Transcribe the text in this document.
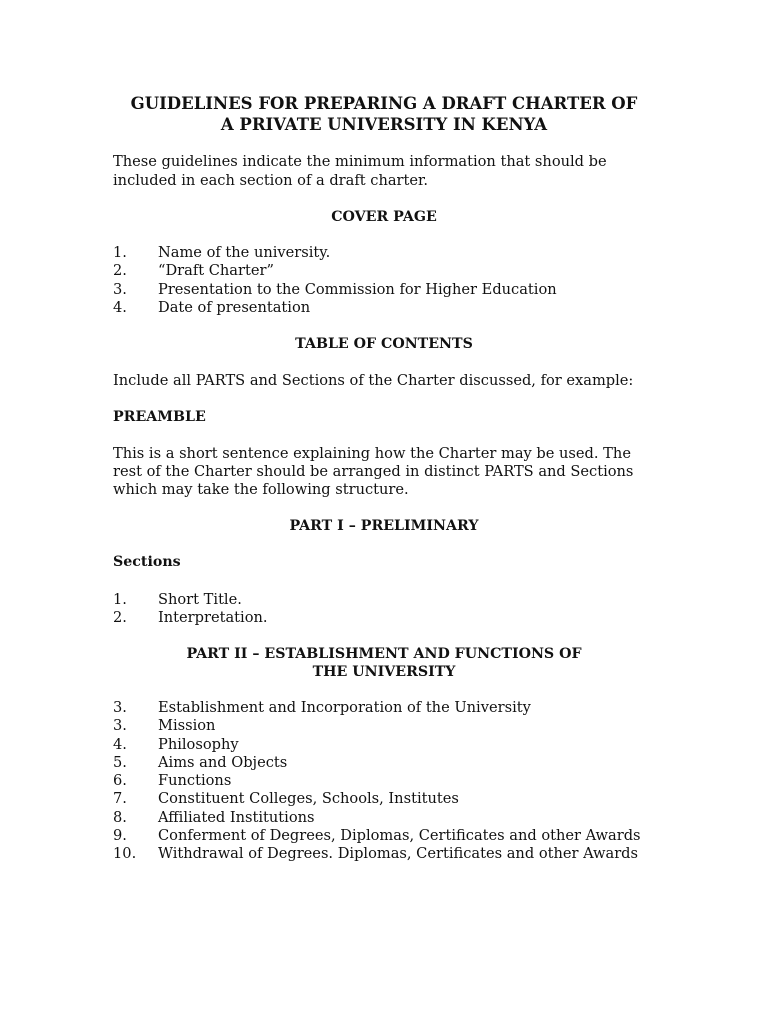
GUIDELINES FOR PREPARING A DRAFT CHARTER OF
A PRIVATE UNIVERSITY IN KENYA
These guidelines indicate the minimum information that should be
included in each section of a draft charter.
COVER PAGE
1.	Name of the university.
2.	“Draft Charter”
3.	Presentation to the Commission for Higher Education
4.	Date of presentation
TABLE OF CONTENTS
Include all PARTS and Sections of the Charter discussed, for example:
PREAMBLE
This is a short sentence explaining how the Charter may be used. The
rest of the Charter should be arranged in distinct PARTS and Sections
which may take the following structure.
PART I – PRELIMINARY
Sections
1.	Short Title.
2.	Interpretation.
PART II – ESTABLISHMENT AND FUNCTIONS OF
THE UNIVERSITY
3.	Establishment and Incorporation of the University
3.	Mission
4.	Philosophy
5.	Aims and Objects
6.	Functions
7.	Constituent Colleges, Schools, Institutes
8.	Affiliated Institutions
9.	Conferment of Degrees, Diplomas, Certificates and other Awards
10.	Withdrawal of Degrees. Diplomas, Certificates and other Awards
